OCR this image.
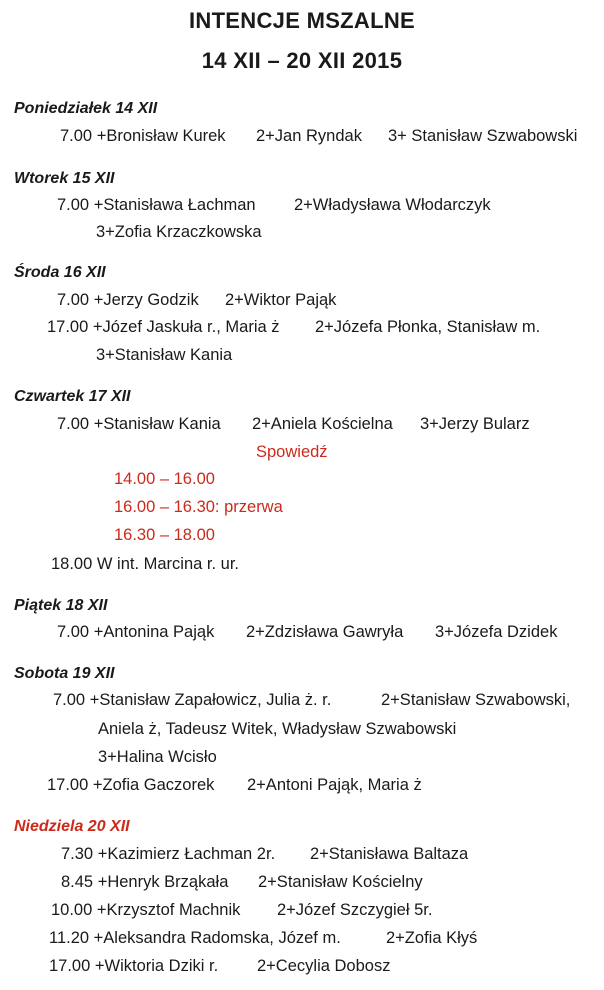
INTENCJE MSZALNE
14 XII – 20 XII 2015
Poniedziałek 14 XII
7.00 +Bronisław Kurek 2+Jan Ryndak 3+ Stanisław Szwabowski
Wtorek 15 XII
7.00 +Stanisława Łachman 2+Władysława Włodarczyk
3+Zofia Krzaczkowska
Środa 16 XII
7.00 +Jerzy Godzik 2+Wiktor Pająk
17.00 +Józef Jaskuła r., Maria ż 2+Józefa Płonka, Stanisław m.
3+Stanisław Kania
Czwartek 17 XII
7.00 +Stanisław Kania 2+Aniela Kościelna 3+Jerzy Bularz
Spowiedź
14.00 – 16.00
16.00 – 16.30: przerwa
16.30 – 18.00
18.00 W int. Marcina r. ur.
Piątek 18 XII
7.00 +Antonina Pająk 2+Zdzisława Gawryła 3+Józefa Dzidek
Sobota 19 XII
7.00 +Stanisław Zapałowicz, Julia ż. r.	2+Stanisław Szwabowski,
Aniela ż, Tadeusz Witek, Władysław Szwabowski
3+Halina Wcisło
17.00 +Zofia Gaczorek 2+Antoni Pająk, Maria ż
Niedziela 20 XII
7.30 +Kazimierz Łachman 2r. 2+Stanisława Baltaza
8.45 +Henryk Brząkała 2+Stanisław Kościelny
10.00 +Krzysztof Machnik 2+Józef Szczygieł 5r.
11.20 +Aleksandra Radomska, Józef m.	2+Zofia Kłyś
17.00 +Wiktoria Dziki r. 2+Cecylia Dobosz
